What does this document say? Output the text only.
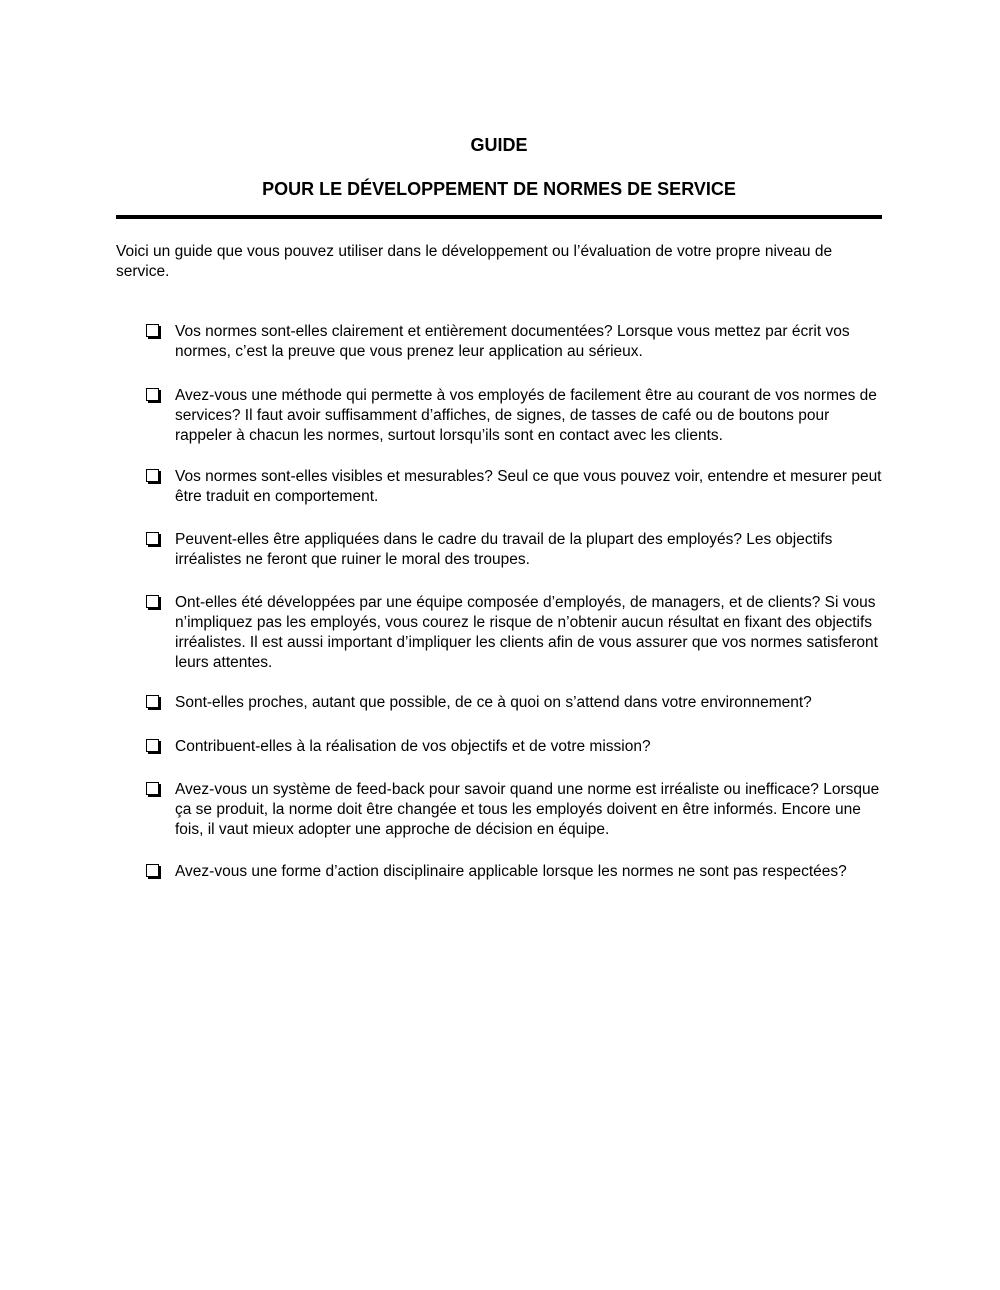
GUIDE
POUR LE DÉVELOPPEMENT DE NORMES DE SERVICE

Voici un guide que vous pouvez utiliser dans le développement ou l’évaluation de votre propre niveau de service.

Vos normes sont-elles clairement et entièrement documentées? Lorsque vous mettez par écrit vos normes, c’est la preuve que vous prenez leur application au sérieux.

Avez-vous une méthode qui permette à vos employés de facilement être au courant de vos normes de services? Il faut avoir suffisamment d’affiches, de signes, de tasses de café ou de boutons pour rappeler à chacun les normes, surtout lorsqu’ils sont en contact avec les clients.

Vos normes sont-elles visibles et mesurables? Seul ce que vous pouvez voir, entendre et mesurer peut être traduit en comportement.

Peuvent-elles être appliquées dans le cadre du travail de la plupart des employés? Les objectifs irréalistes ne feront que ruiner le moral des troupes.

Ont-elles été développées par une équipe composée d’employés, de managers, et de clients? Si vous n’impliquez pas les employés, vous courez le risque de n’obtenir aucun résultat en fixant des objectifs irréalistes. Il est aussi important d’impliquer les clients afin de vous assurer que vos normes satisferont leurs attentes.

Sont-elles proches, autant que possible, de ce à quoi on s’attend dans votre environnement?

Contribuent-elles à la réalisation de vos objectifs et de votre mission?

Avez-vous un système de feed-back pour savoir quand une norme est irréaliste ou inefficace? Lorsque ça se produit, la norme doit être changée et tous les employés doivent en être informés. Encore une fois, il vaut mieux adopter une approche de décision en équipe.

Avez-vous une forme d’action disciplinaire applicable lorsque les normes ne sont pas respectées?
